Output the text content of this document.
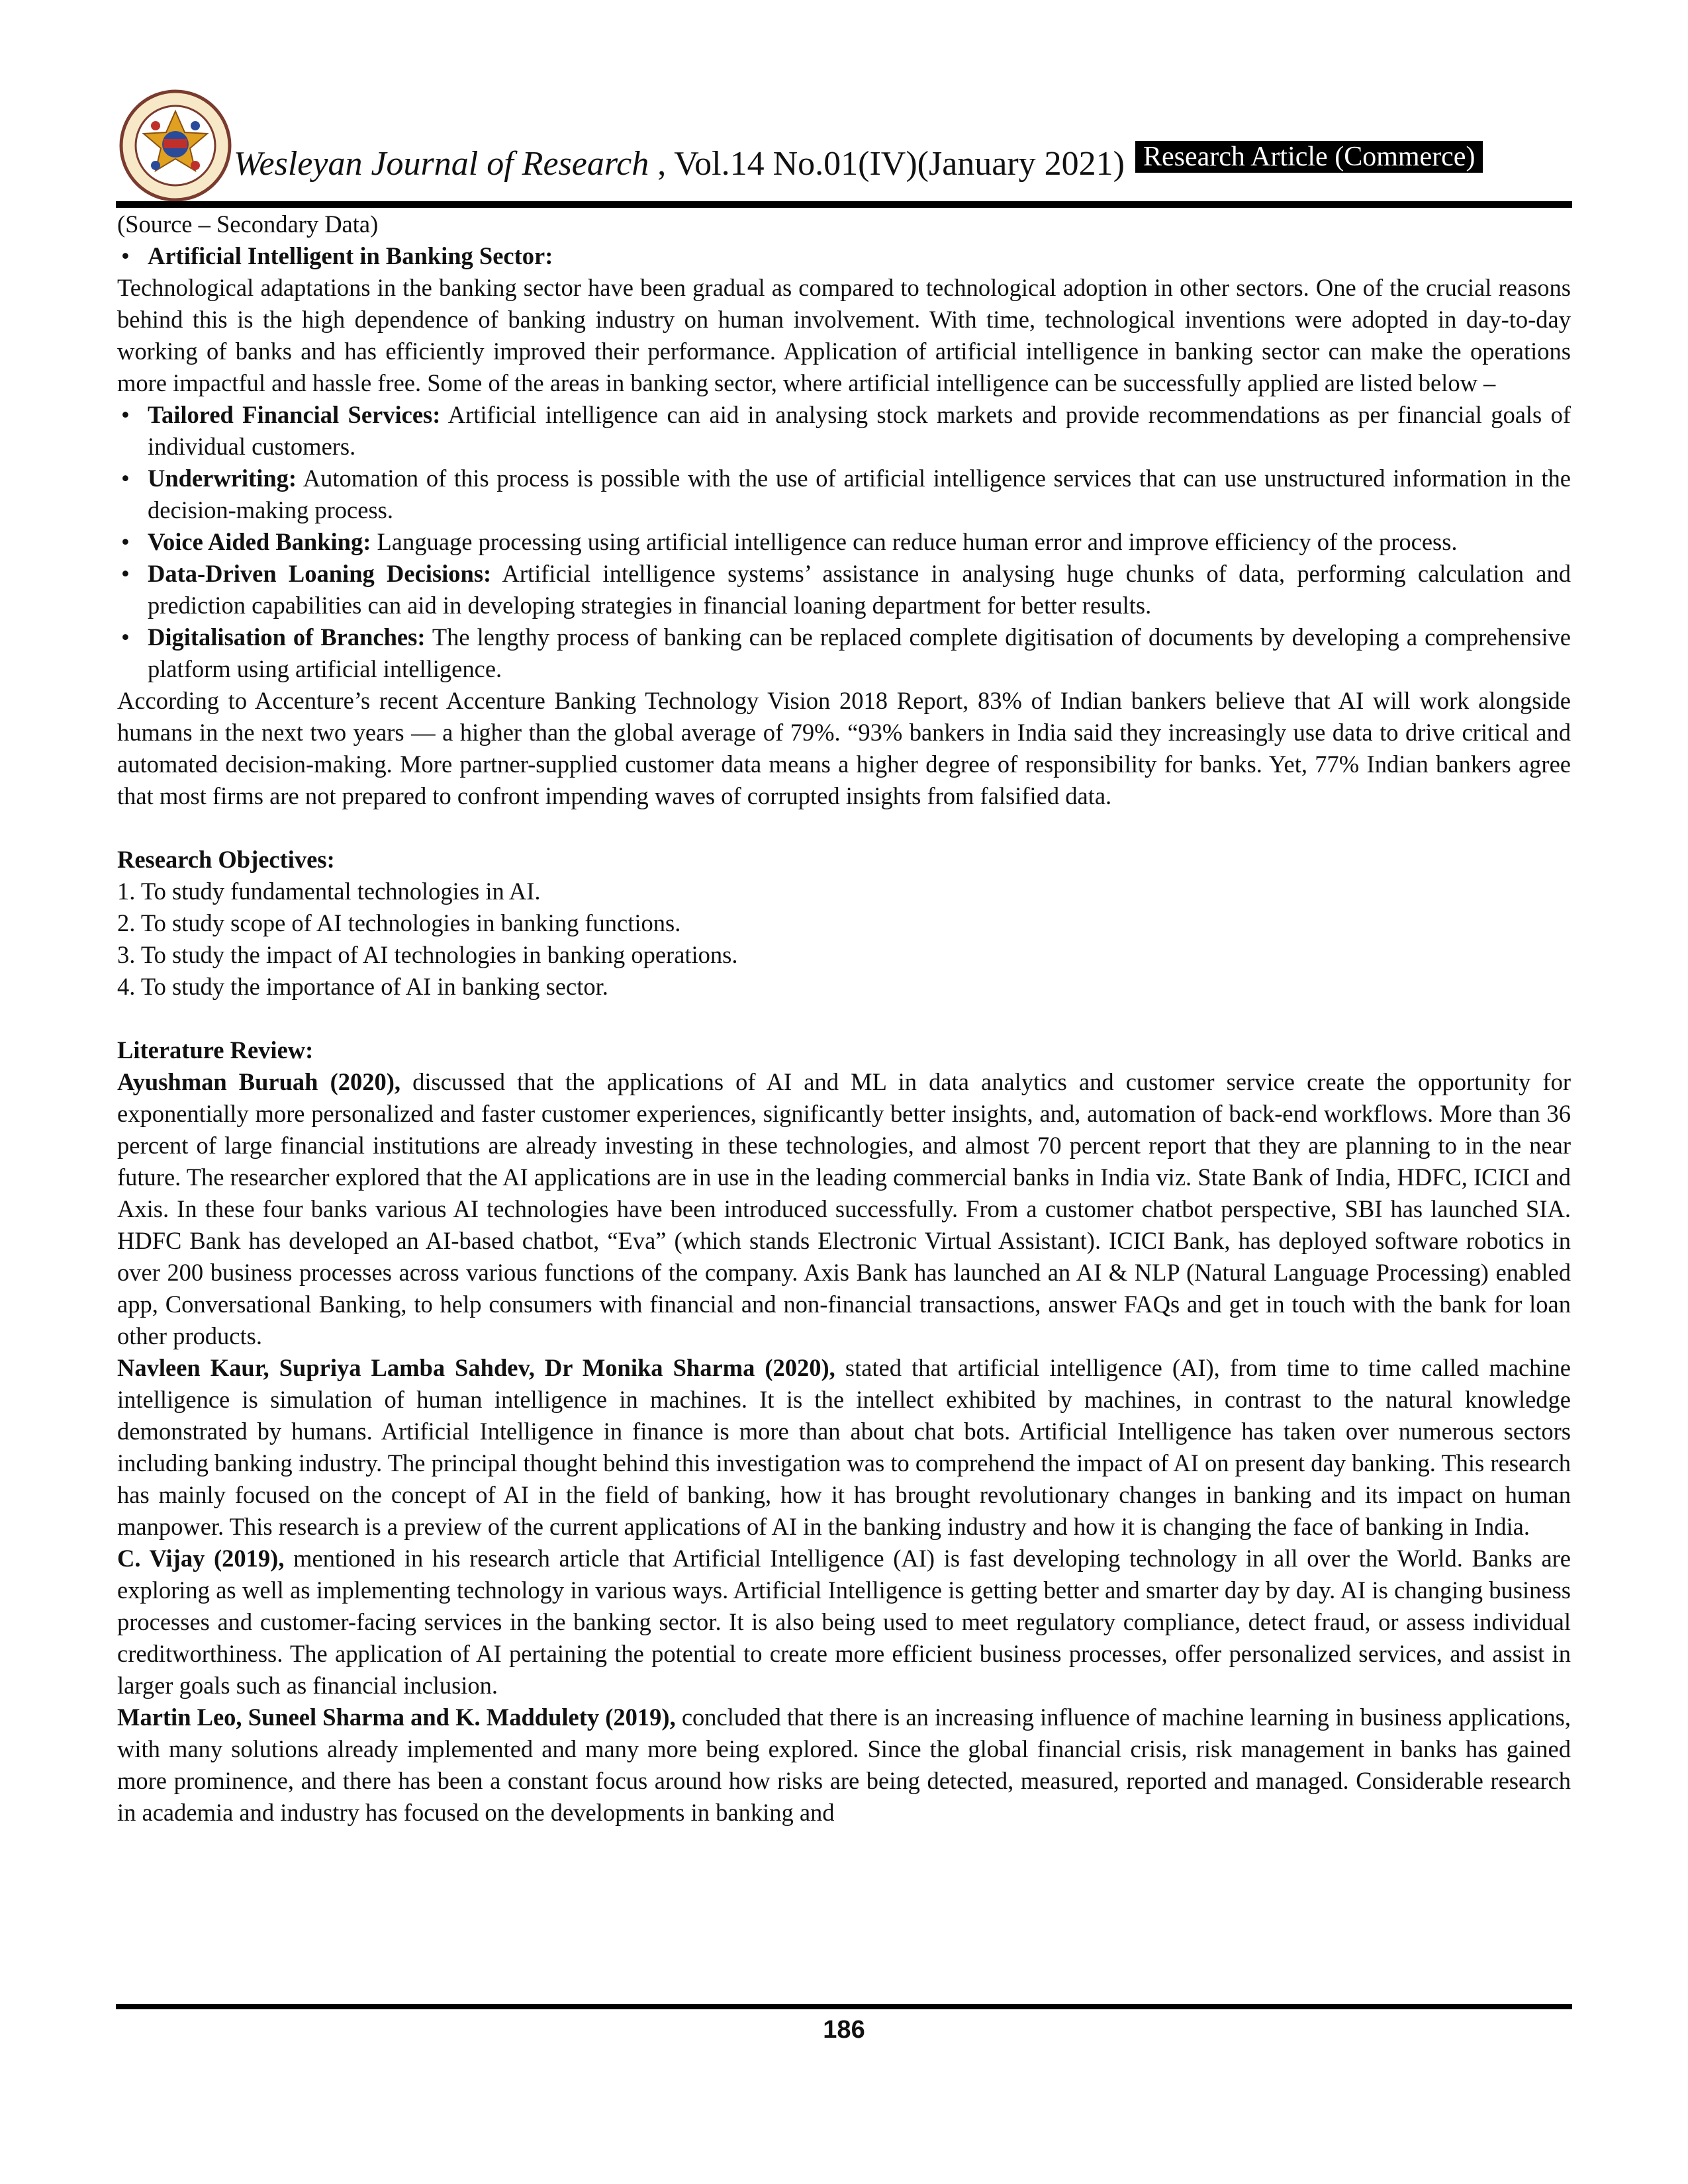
Wesleyan Journal of Research , Vol.14 No.01(IV)(January 2021) Research Article (Commerce)

(Source – Secondary Data)

• Artificial Intelligent in Banking Sector:

Technological adaptations in the banking sector have been gradual as compared to technological adoption in other sectors. One of the crucial reasons behind this is the high dependence of banking industry on human involvement. With time, technological inventions were adopted in day-to-day working of banks and has efficiently improved their performance. Application of artificial intelligence in banking sector can make the operations more impactful and hassle free. Some of the areas in banking sector, where artificial intelligence can be successfully applied are listed below –

• Tailored Financial Services: Artificial intelligence can aid in analysing stock markets and provide recommendations as per financial goals of individual customers.

• Underwriting: Automation of this process is possible with the use of artificial intelligence services that can use unstructured information in the decision-making process.

• Voice Aided Banking: Language processing using artificial intelligence can reduce human error and improve efficiency of the process.

• Data-Driven Loaning Decisions: Artificial intelligence systems’ assistance in analysing huge chunks of data, performing calculation and prediction capabilities can aid in developing strategies in financial loaning department for better results.

• Digitalisation of Branches: The lengthy process of banking can be replaced complete digitisation of documents by developing a comprehensive platform using artificial intelligence.

According to Accenture’s recent Accenture Banking Technology Vision 2018 Report, 83% of Indian bankers believe that AI will work alongside humans in the next two years — a higher than the global average of 79%. “93% bankers in India said they increasingly use data to drive critical and automated decision-making. More partner-supplied customer data means a higher degree of responsibility for banks. Yet, 77% Indian bankers agree that most firms are not prepared to confront impending waves of corrupted insights from falsified data.

Research Objectives:

1. To study fundamental technologies in AI.

2. To study scope of AI technologies in banking functions.

3. To study the impact of AI technologies in banking operations.

4. To study the importance of AI in banking sector.

Literature Review:

Ayushman Buruah (2020), discussed that the applications of AI and ML in data analytics and customer service create the opportunity for exponentially more personalized and faster customer experiences, significantly better insights, and, automation of back-end workflows. More than 36 percent of large financial institutions are already investing in these technologies, and almost 70 percent report that they are planning to in the near future. The researcher explored that the AI applications are in use in the leading commercial banks in India viz. State Bank of India, HDFC, ICICI and Axis. In these four banks various AI technologies have been introduced successfully. From a customer chatbot perspective, SBI has launched SIA. HDFC Bank has developed an AI-based chatbot, “Eva” (which stands Electronic Virtual Assistant). ICICI Bank, has deployed software robotics in over 200 business processes across various functions of the company. Axis Bank has launched an AI & NLP (Natural Language Processing) enabled app, Conversational Banking, to help consumers with financial and non-financial transactions, answer FAQs and get in touch with the bank for loan other products.

Navleen Kaur, Supriya Lamba Sahdev, Dr Monika Sharma (2020), stated that artificial intelligence (AI), from time to time called machine intelligence is simulation of human intelligence in machines. It is the intellect exhibited by machines, in contrast to the natural knowledge demonstrated by humans. Artificial Intelligence in finance is more than about chat bots. Artificial Intelligence has taken over numerous sectors including banking industry. The principal thought behind this investigation was to comprehend the impact of AI on present day banking. This research has mainly focused on the concept of AI in the field of banking, how it has brought revolutionary changes in banking and its impact on human manpower. This research is a preview of the current applications of AI in the banking industry and how it is changing the face of banking in India.

C. Vijay (2019), mentioned in his research article that Artificial Intelligence (AI) is fast developing technology in all over the World. Banks are exploring as well as implementing technology in various ways. Artificial Intelligence is getting better and smarter day by day. AI is changing business processes and customer-facing services in the banking sector. It is also being used to meet regulatory compliance, detect fraud, or assess individual creditworthiness. The application of AI pertaining the potential to create more efficient business processes, offer personalized services, and assist in larger goals such as financial inclusion.

Martin Leo, Suneel Sharma and K. Maddulety (2019), concluded that there is an increasing influence of machine learning in business applications, with many solutions already implemented and many more being explored. Since the global financial crisis, risk management in banks has gained more prominence, and there has been a constant focus around how risks are being detected, measured, reported and managed. Considerable research in academia and industry has focused on the developments in banking and

186
